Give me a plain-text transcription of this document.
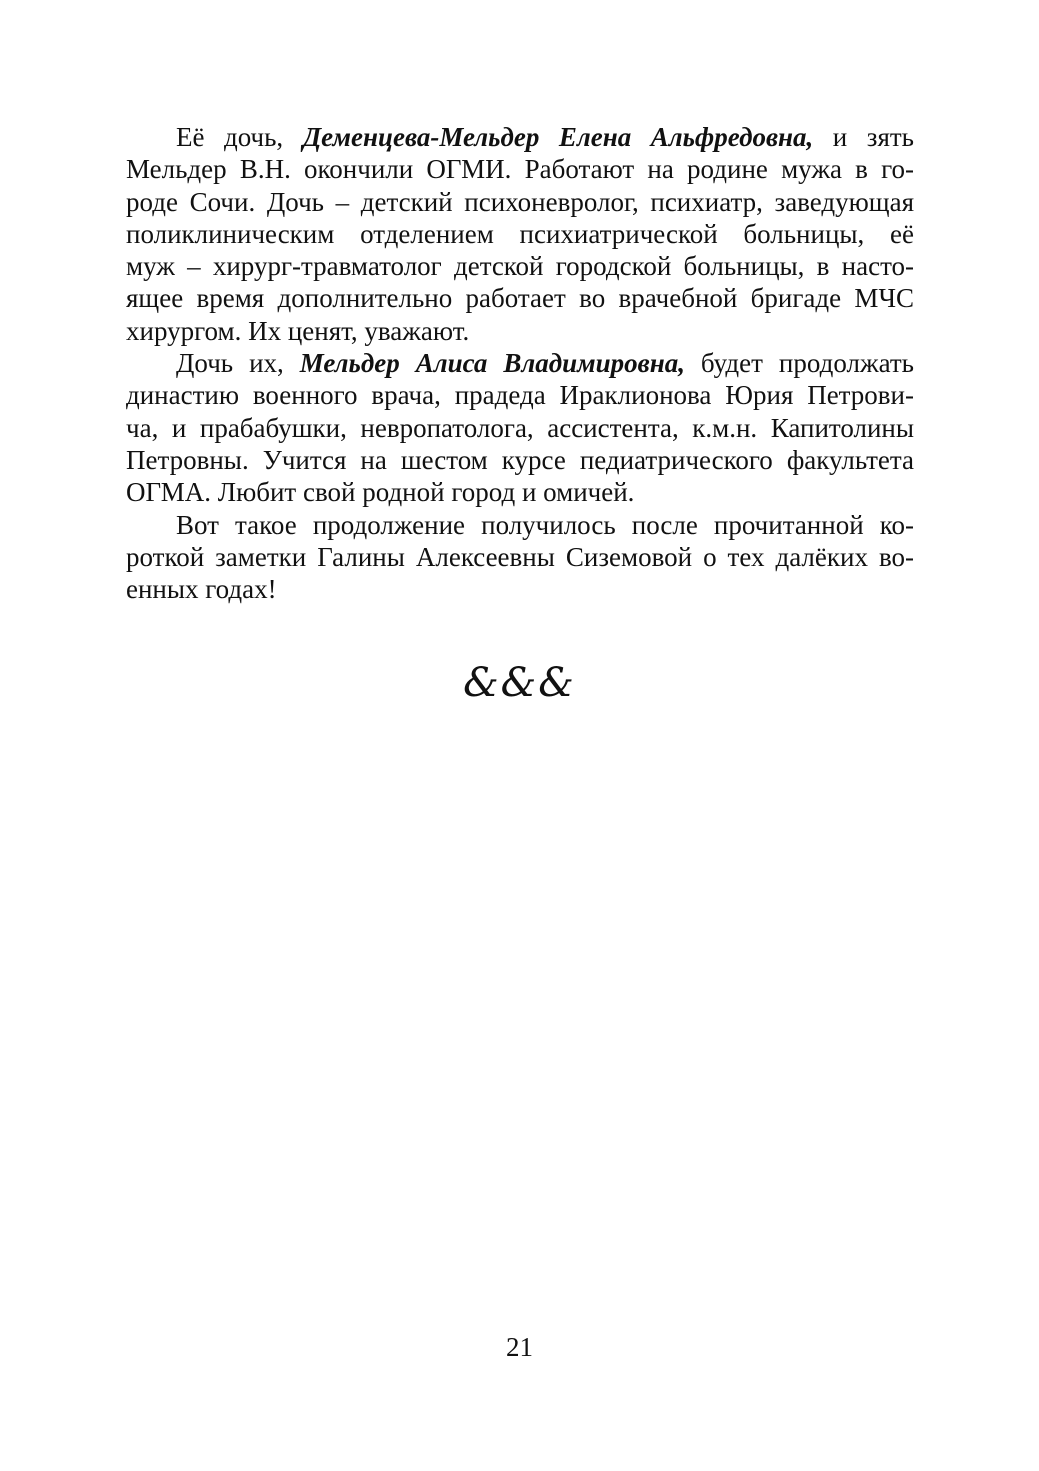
Её дочь, Деменцева-Мельдер Елена Альфредовна, и зять
Мельдер В.Н. окончили ОГМИ. Работают на родине мужа в го-
роде Сочи. Дочь – детский психоневролог, психиатр, заведующая
поликлиническим отделением психиатрической больницы, её
муж – хирург-травматолог детской городской больницы, в насто-
ящее время дополнительно работает во врачебной бригаде МЧС
хирургом. Их ценят, уважают.
Дочь их, Мельдер Алиса Владимировна, будет продолжать
династию военного врача, прадеда Ираклионова Юрия Петрови-
ча, и прабабушки, невропатолога, ассистента, к.м.н. Капитолины
Петровны. Учится на шестом курсе педиатрического факультета
ОГМА. Любит свой родной город и омичей.
Вот такое продолжение получилось после прочитанной ко-
роткой заметки Галины Алексеевны Сиземовой о тех далёких во-
енных годах!
&&&
21
